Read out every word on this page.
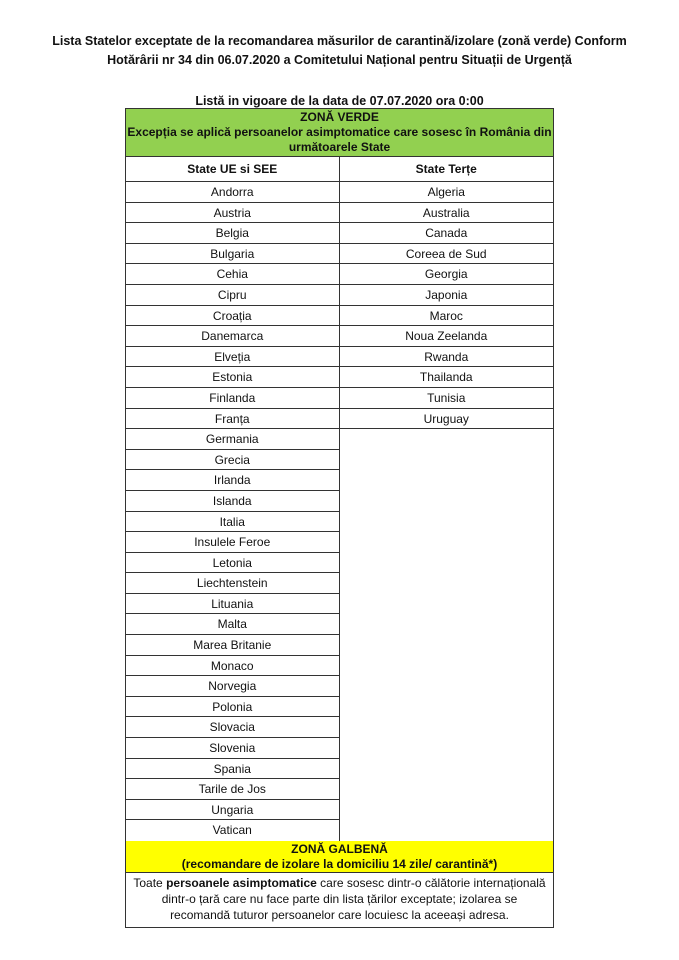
Lista Statelor exceptate de la recomandarea măsurilor de carantină/izolare (zonă verde) Conform
Hotărârii nr 34 din 06.07.2020 a Comitetului Național pentru Situații de Urgență
Listă in vigoare de la data de 07.07.2020 ora 0:00
ZONĂ VERDE
Excepția se aplică persoanelor asimptomatice care sosesc în România din următoarele State
State UE si SEE
Andorra
Austria
Belgia
Bulgaria
Cehia
Cipru
Croația
Danemarca
Elveția
Estonia
Finlanda
Franța
Germania
Grecia
Irlanda
Islanda
Italia
Insulele Feroe
Letonia
Liechtenstein
Lituania
Malta
Marea Britanie
Monaco
Norvegia
Polonia
Slovacia
Slovenia
Spania
Tarile de Jos
Ungaria
Vatican
State Terțe
Algeria
Australia
Canada
Coreea de Sud
Georgia
Japonia
Maroc
Noua Zeelanda
Rwanda
Thailanda
Tunisia
Uruguay
ZONĂ GALBENĂ
(recomandare de izolare la domiciliu 14 zile/ carantină*)
Toate persoanele asimptomatice care sosesc dintr-o călătorie internațională dintr-o țară care nu face parte din lista țărilor exceptate; izolarea se recomandă tuturor persoanelor care locuiesc la aceeași adresa.
